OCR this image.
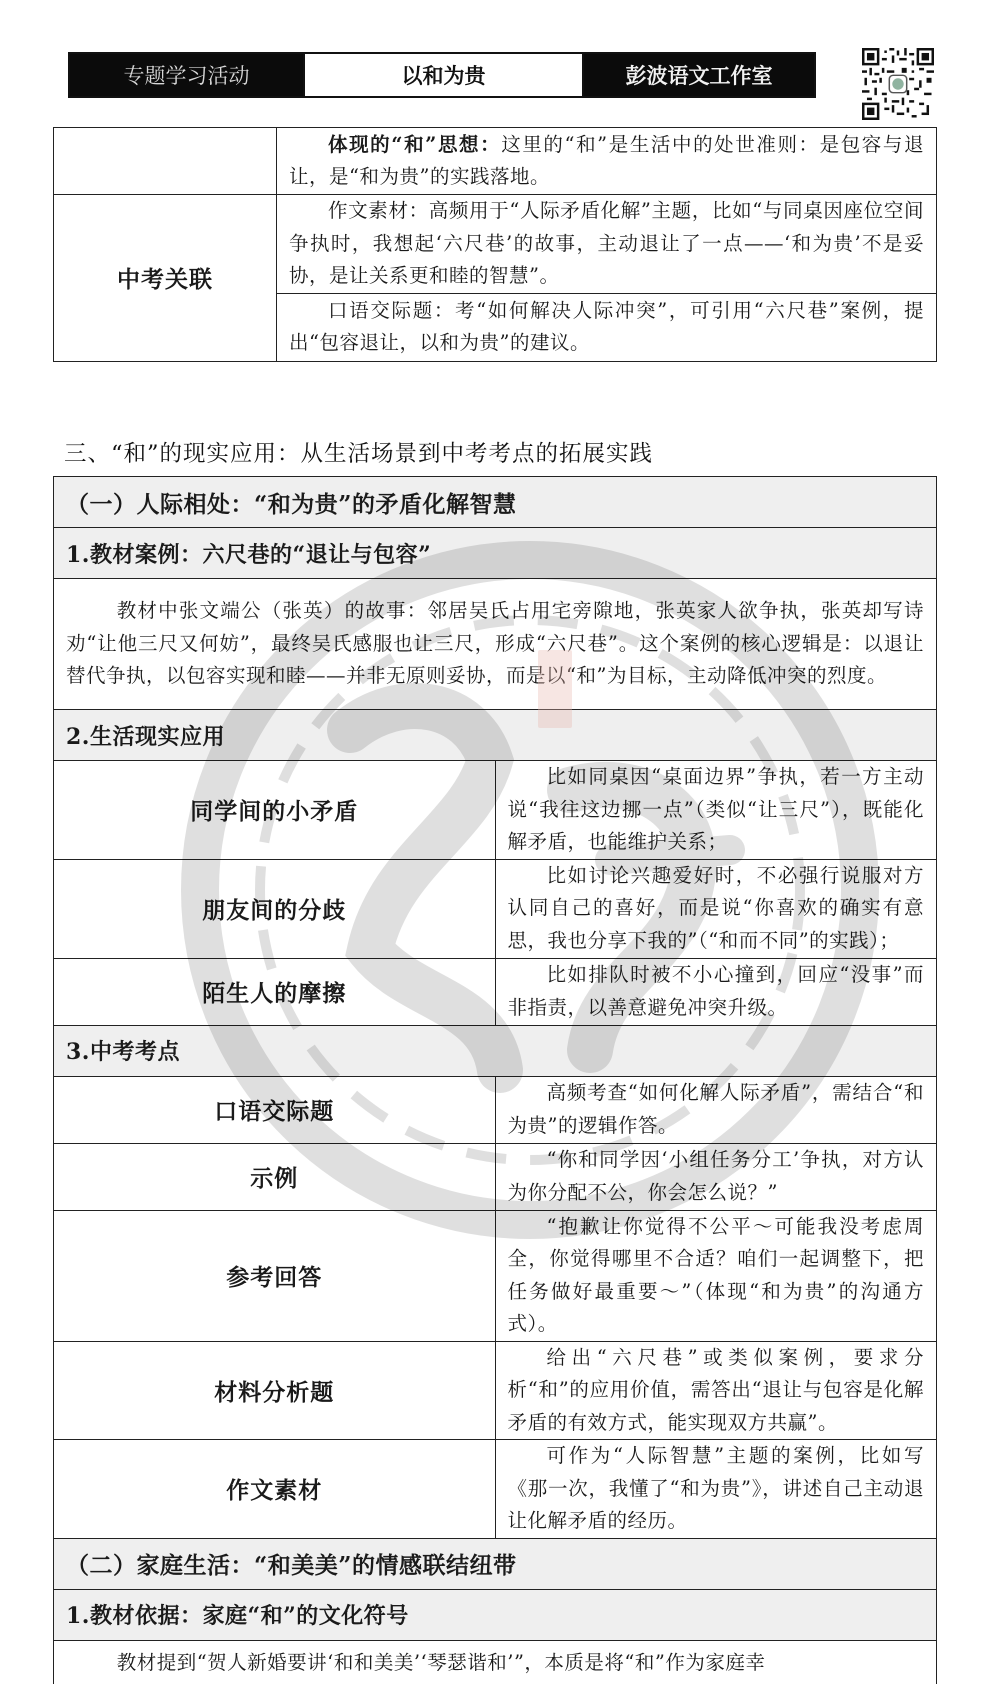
专题学习活动	以和为贵	彭波语文工作室
	体现的“和”思想：这里的“和”是生活中的处世准则：是包容与退让，是“和为贵”的实践落地。
中考关联	作文素材：高频用于“人际矛盾化解”主题，比如“与同桌因座位空间争执时，我想起‘六尺巷’的故事，主动退让了一点——‘和为贵’不是妥协，是让关系更和睦的智慧”。
	口语交际题：考“如何解决人际冲突”，可引用“六尺巷”案例，提出“包容退让，以和为贵”的建议。
三、“和”的现实应用：从生活场景到中考考点的拓展实践
（一）人际相处：“和为贵”的矛盾化解智慧	
1.教材案例：六尺巷的“退让与包容”	
教材中张文端公（张英）的故事：邻居吴氏占用宅旁隙地，张英家人欲争执，张英却写诗劝“让他三尺又何妨”，最终吴氏感服也让三尺，形成“六尺巷”。这个案例的核心逻辑是：以退让替代争执，以包容实现和睦——并非无原则妥协，而是以“和”为目标，主动降低冲突的烈度。	
2.生活现实应用	
同学间的小矛盾	比如同桌因“桌面边界”争执，若一方主动说“我往这边挪一点”（类似“让三尺”），既能化解矛盾，也能维护关系；
朋友间的分歧	比如讨论兴趣爱好时，不必强行说服对方认同自己的喜好，而是说“你喜欢的确实有意思，我也分享下我的”（“和而不同”的实践）；
陌生人的摩擦	比如排队时被不小心撞到，回应“没事”而非指责，以善意避免冲突升级。
3.中考考点	
口语交际题	高频考查“如何化解人际矛盾”，需结合“和为贵”的逻辑作答。
示例	“你和同学因‘小组任务分工’争执，对方认为你分配不公，你会怎么说？”
参考回答	“抱歉让你觉得不公平～可能我没考虑周全，你觉得哪里不合适？咱们一起调整下，把任务做好最重要～”（体现“和为贵”的沟通方式）。
材料分析题	给出“六尺巷”或类似案例，要求分析“和”的应用价值，需答出“退让与包容是化解矛盾的有效方式，能实现双方共赢”。
作文素材	可作为“人际智慧”主题的案例，比如写《那一次，我懂了“和为贵”》，讲述自己主动退让化解矛盾的经历。
（二）家庭生活：“和美美”的情感联结纽带	
1.教材依据：家庭“和”的文化符号	
教材提到“贺人新婚要讲‘和和美美’‘琴瑟谐和’”，本质是将“和”作为家庭幸	
